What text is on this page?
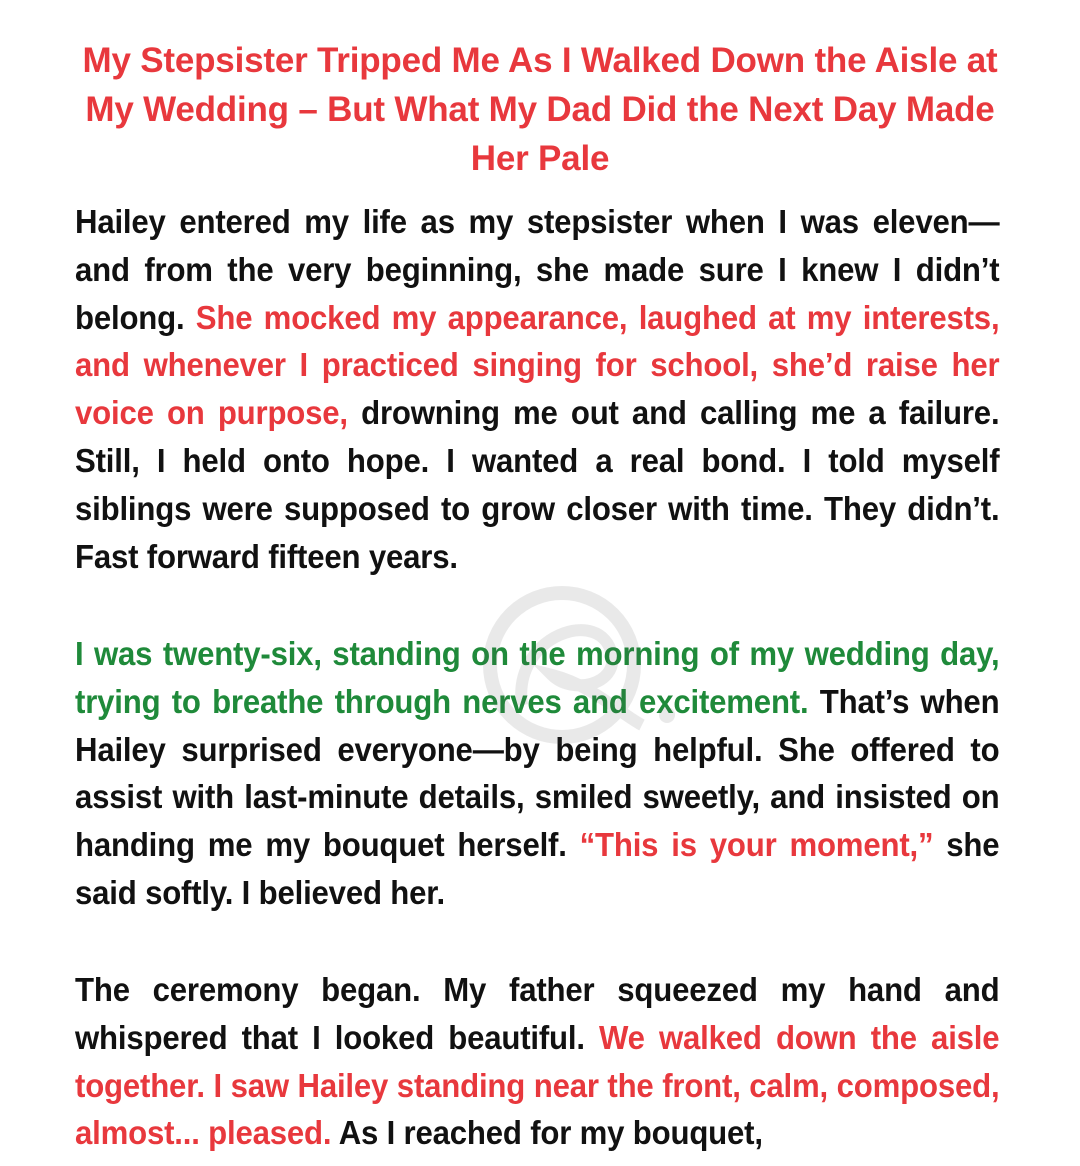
My Stepsister Tripped Me As I Walked Down the Aisle at My Wedding – But What My Dad Did the Next Day Made Her Pale
Hailey entered my life as my stepsister when I was eleven—and from the very beginning, she made sure I knew I didn’t belong. She mocked my appearance, laughed at my interests, and whenever I practiced singing for school, she’d raise her voice on purpose, drowning me out and calling me a failure. Still, I held onto hope. I wanted a real bond. I told myself siblings were supposed to grow closer with time. They didn’t. Fast forward fifteen years.
I was twenty-six, standing on the morning of my wedding day, trying to breathe through nerves and excitement. That’s when Hailey surprised everyone—by being helpful. She offered to assist with last-minute details, smiled sweetly, and insisted on handing me my bouquet herself. “This is your moment,” she said softly. I believed her.
The ceremony began. My father squeezed my hand and whispered that I looked beautiful. We walked down the aisle together. I saw Hailey standing near the front, calm, composed, almost... pleased. As I reached for my bouquet,
